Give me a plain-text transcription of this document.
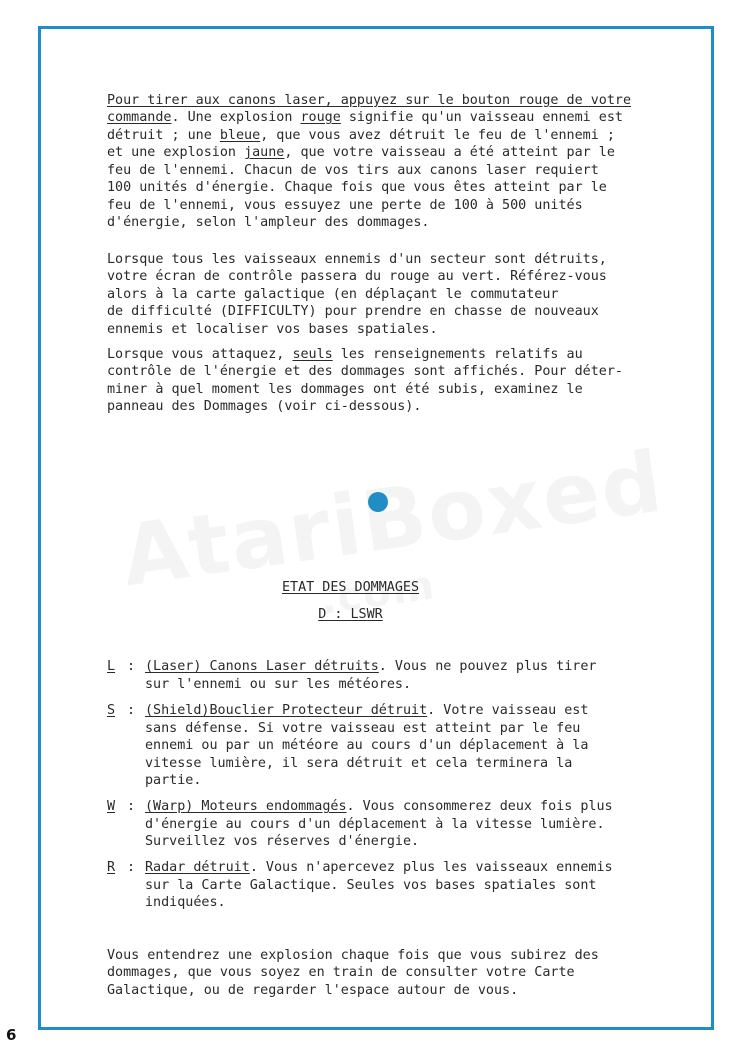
Pour tirer aux canons laser, appuyez sur le bouton rouge de votre
commande. Une explosion rouge signifie qu'un vaisseau ennemi est
détruit ; une bleue, que vous avez détruit le feu de l'ennemi ;
et une explosion jaune, que votre vaisseau a été atteint par le
feu de l'ennemi. Chacun de vos tirs aux canons laser requiert
100 unités d'énergie. Chaque fois que vous êtes atteint par le
feu de l'ennemi, vous essuyez une perte de 100 à 500 unités
d'énergie, selon l'ampleur des dommages.

Lorsque tous les vaisseaux ennemis d'un secteur sont détruits,
votre écran de contrôle passera du rouge au vert. Référez-vous
alors à la carte galactique (en déplaçant le commutateur
de difficulté (DIFFICULTY) pour prendre en chasse de nouveaux
ennemis et localiser vos bases spatiales.

Lorsque vous attaquez, seuls les renseignements relatifs au
contrôle de l'énergie et des dommages sont affichés. Pour déter-
miner à quel moment les dommages ont été subis, examinez le
panneau des Dommages (voir ci-dessous).

ETAT DES DOMMAGES
D : LSWR
L : (Laser) Canons Laser détruits. Vous ne pouvez plus tirer
sur l'ennemi ou sur les météores.
S : (Shield)Bouclier Protecteur détruit. Votre vaisseau est
sans défense. Si votre vaisseau est atteint par le feu
ennemi ou par un météore au cours d'un déplacement à la
vitesse lumière, il sera détruit et cela terminera la
partie.
W : (Warp) Moteurs endommagés. Vous consommerez deux fois plus
d'énergie au cours d'un déplacement à la vitesse lumière.
Surveillez vos réserves d'énergie.
R : Radar détruit. Vous n'apercevez plus les vaisseaux ennemis
sur la Carte Galactique. Seules vos bases spatiales sont
indiquées.

Vous entendrez une explosion chaque fois que vous subirez des
dommages, que vous soyez en train de consulter votre Carte
Galactique, ou de regarder l'espace autour de vous.

6
